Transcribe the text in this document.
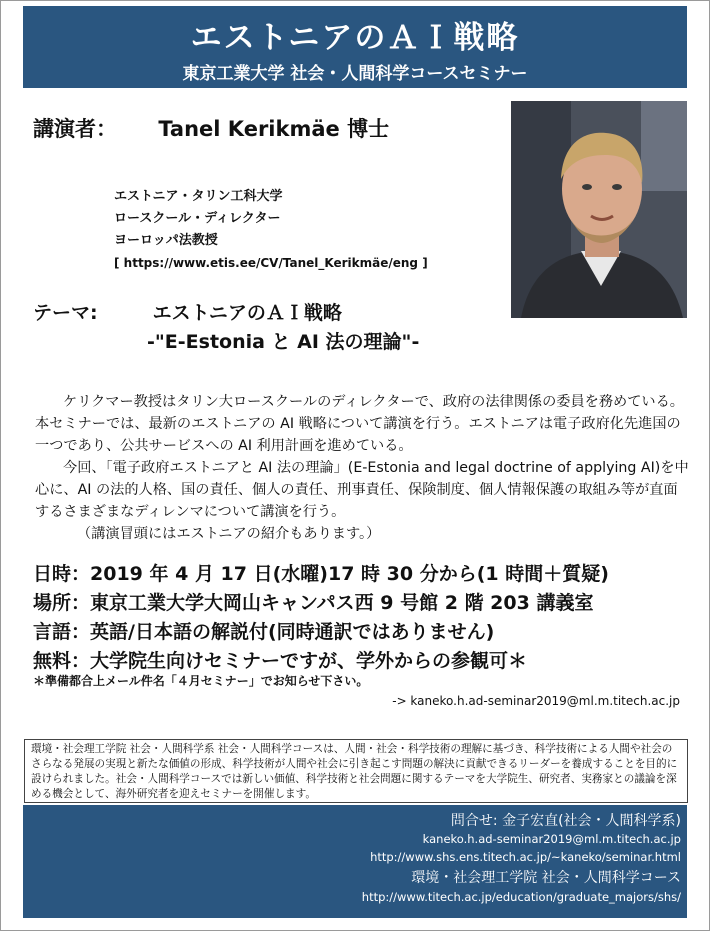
エストニアのＡＩ戦略
東京工業大学 社会・人間科学コースセミナー
講演者： Tanel Kerikmäe 博士
エストニア・タリン工科大学
ロースクール・ディレクター
ヨーロッパ法教授
[ https://www.etis.ee/CV/Tanel_Kerikmäe/eng ]
テーマ:	エストニアのＡＩ戦略
-"E-Estonia と AI 法の理論"-

ケリクマー教授はタリン大ロースクールのディレクターで、政府の法律関係の委員を務めている。本セミナーでは、最新のエストニアの AI 戦略について講演を行う。エストニアは電子政府化先進国の一つであり、公共サービスへの AI 利用計画を進めている。

今回、「電子政府エストニアと AI 法の理論」(E-Estonia and legal doctrine of applying AI)を中心に、AI の法的人格、国の責任、個人の責任、刑事責任、保険制度、個人情報保護の取組み等が直面するさまざまなディレンマについて講演を行う。

（講演冒頭にはエストニアの紹介もあります。）

日時：2019 年 4 月 17 日(水曜)17 時 30 分から(1 時間＋質疑)
場所：東京工業大学大岡山キャンパス西 9 号館 2 階 203 講義室
言語：英語/日本語の解説付(同時通訳ではありません)
無料：大学院生向けセミナーですが、学外からの参観可＊
＊準備都合上メール件名「４月セミナー」でお知らせ下さい。
-> kaneko.h.ad-seminar2019@ml.m.titech.ac.jp
環境・社会理工学院 社会・人間科学系 社会・人間科学コースは、人間・社会・科学技術の理解に基づき、科学技術による人間や社会のさらなる発展の実現と新たな価値の形成、科学技術が人間や社会に引き起こす問題の解決に貢献できるリーダーを養成することを目的に設けられました。社会・人間科学コースでは新しい価値、科学技術と社会問題に関するテーマを大学院生、研究者、実務家との議論を深める機会として、海外研究者を迎えセミナーを開催します。
問合せ: 金子宏直(社会・人間科学系)
kaneko.h.ad-seminar2019@ml.m.titech.ac.jp
http://www.shs.ens.titech.ac.jp/~kaneko/seminar.html
環境・社会理工学院 社会・人間科学コース
http://www.titech.ac.jp/education/graduate_majors/shs/
